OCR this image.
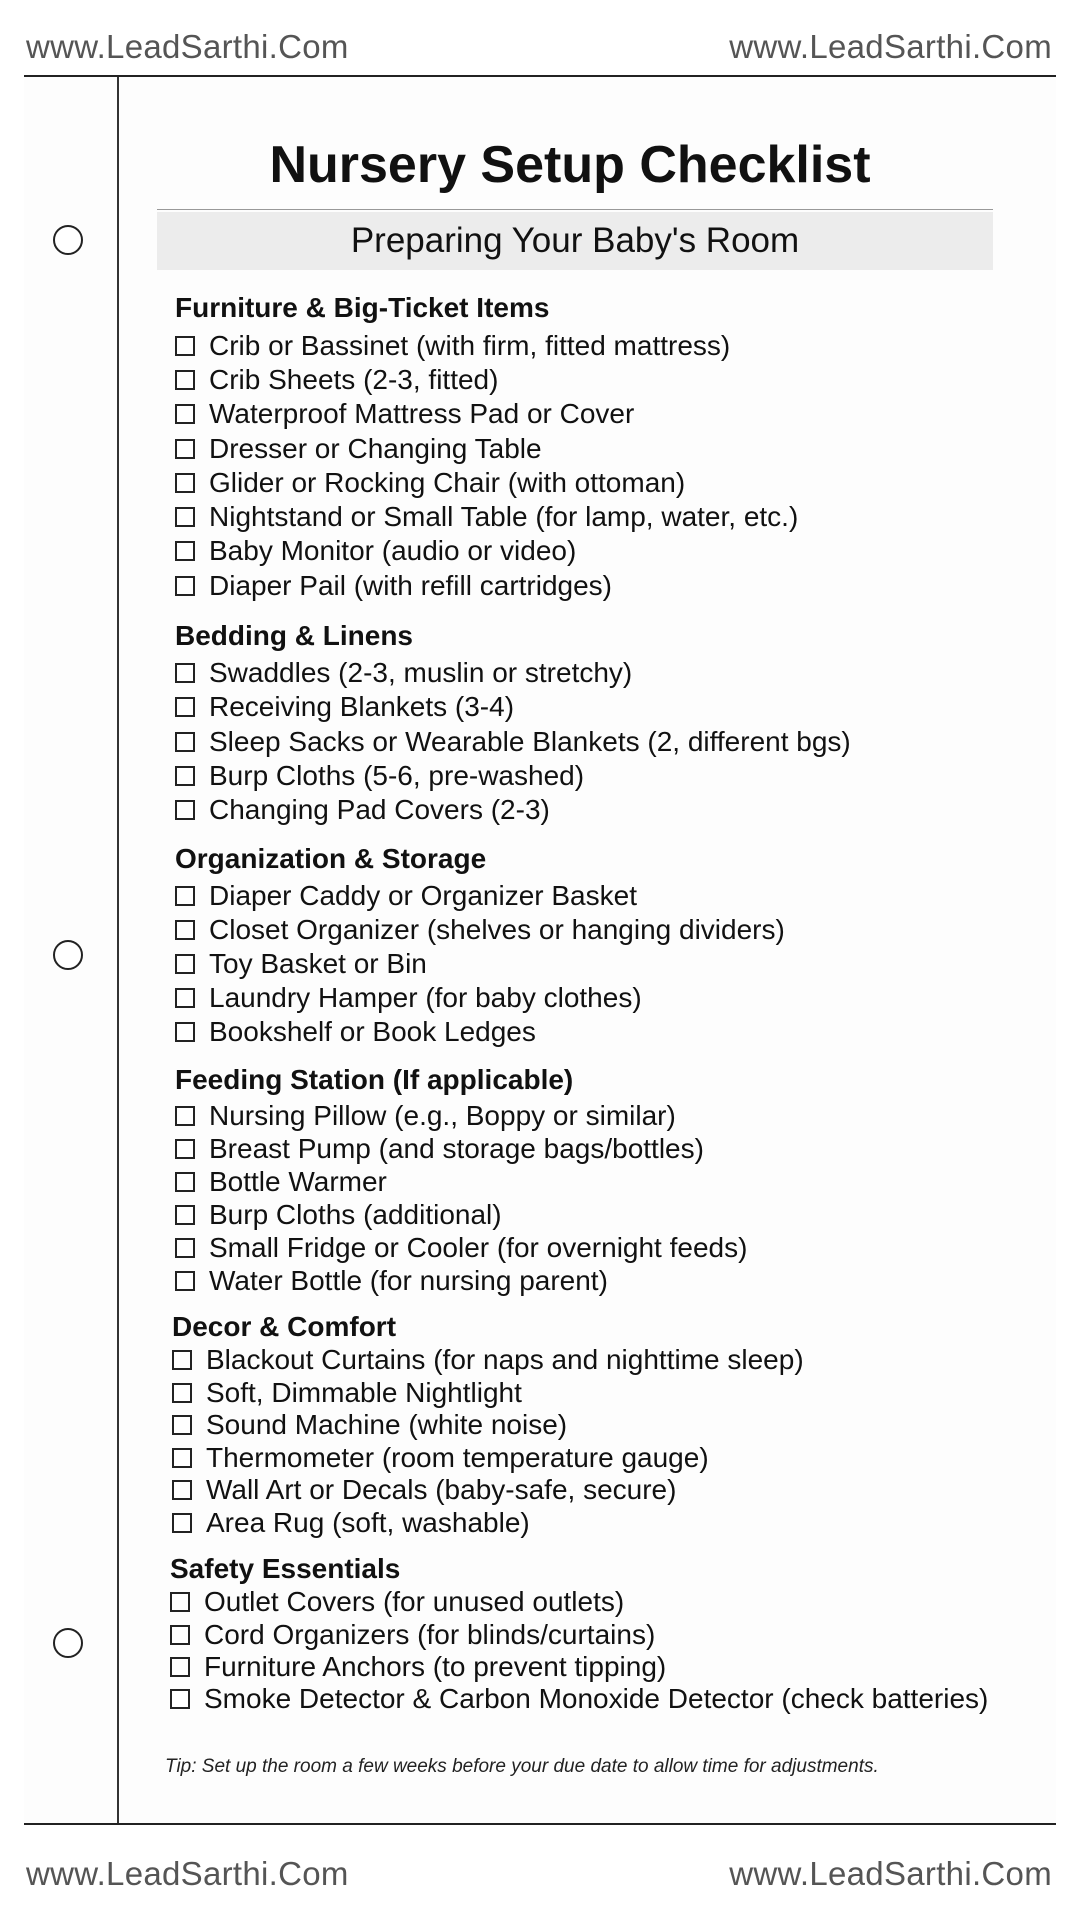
www.LeadSarthi.Com	www.LeadSarthi.Com
www.LeadSarthi.Com	www.LeadSarthi.Com
Nursery Setup Checklist
Preparing Your Baby's Room
Furniture & Big-Ticket Items
Crib or Bassinet (with firm, fitted mattress)
Crib Sheets (2-3, fitted)
Waterproof Mattress Pad or Cover
Dresser or Changing Table
Glider or Rocking Chair (with ottoman)
Nightstand or Small Table (for lamp, water, etc.)
Baby Monitor (audio or video)
Diaper Pail (with refill cartridges)
Bedding & Linens
Swaddles (2-3, muslin or stretchy)
Receiving Blankets (3-4)
Sleep Sacks or Wearable Blankets (2, different bgs)
Burp Cloths (5-6, pre-washed)
Changing Pad Covers (2-3)
Organization & Storage
Diaper Caddy or Organizer Basket
Closet Organizer (shelves or hanging dividers)
Toy Basket or Bin
Laundry Hamper (for baby clothes)
Bookshelf or Book Ledges
Feeding Station (If applicable)
Nursing Pillow (e.g., Boppy or similar)
Breast Pump (and storage bags/bottles)
Bottle Warmer
Burp Cloths (additional)
Small Fridge or Cooler (for overnight feeds)
Water Bottle (for nursing parent)
Decor & Comfort
Blackout Curtains (for naps and nighttime sleep)
Soft, Dimmable Nightlight
Sound Machine (white noise)
Thermometer (room temperature gauge)
Wall Art or Decals (baby-safe, secure)
Area Rug (soft, washable)
Safety Essentials
Outlet Covers (for unused outlets)
Cord Organizers (for blinds/curtains)
Furniture Anchors (to prevent tipping)
Smoke Detector & Carbon Monoxide Detector (check batteries)
Tip: Set up the room a few weeks before your due date to allow time for adjustments.
